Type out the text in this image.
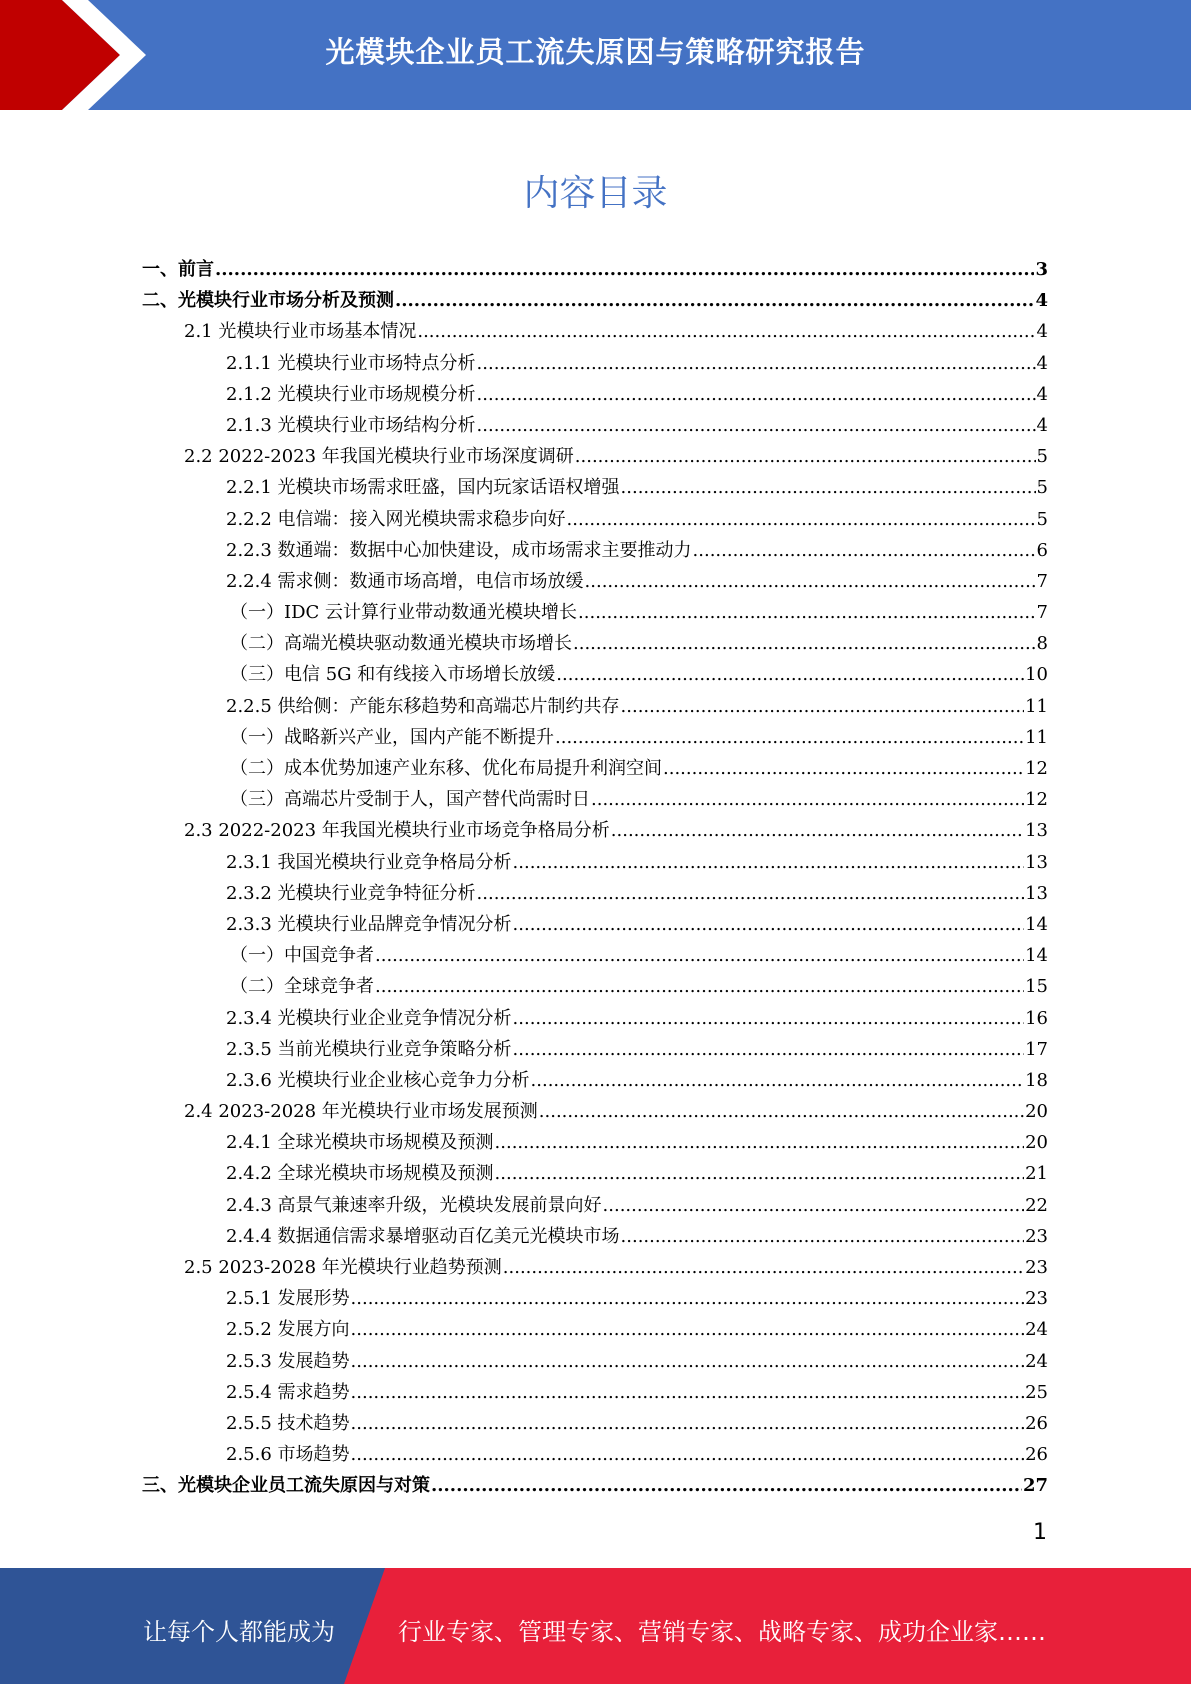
光模块企业员工流失原因与策略研究报告
内容目录
一、前言 .....	3
二、光模块行业市场分析及预测 .....	4
2.1 光模块行业市场基本情况 .....	4
2.1.1 光模块行业市场特点分析 .....	4
2.1.2 光模块行业市场规模分析 .....	4
2.1.3 光模块行业市场结构分析 .....	4
2.2 2022-2023 年我国光模块行业市场深度调研 .....	5
2.2.1 光模块市场需求旺盛，国内玩家话语权增强 .....	5
2.2.2 电信端：接入网光模块需求稳步向好 .....	5
2.2.3 数通端：数据中心加快建设，成市场需求主要推动力 .....	6
2.2.4 需求侧：数通市场高增，电信市场放缓 .....	7
（一）IDC 云计算行业带动数通光模块增长 .....	7
（二）高端光模块驱动数通光模块市场增长 .....	8
（三）电信 5G 和有线接入市场增长放缓 .....	10
2.2.5 供给侧：产能东移趋势和高端芯片制约共存 .....	11
（一）战略新兴产业，国内产能不断提升 .....	11
（二）成本优势加速产业东移、优化布局提升利润空间 .....	12
（三）高端芯片受制于人，国产替代尚需时日 .....	12
2.3 2022-2023 年我国光模块行业市场竞争格局分析 .....	13
2.3.1 我国光模块行业竞争格局分析 .....	13
2.3.2 光模块行业竞争特征分析 .....	13
2.3.3 光模块行业品牌竞争情况分析 .....	14
（一）中国竞争者 .....	14
（二）全球竞争者 .....	15
2.3.4 光模块行业企业竞争情况分析 .....	16
2.3.5 当前光模块行业竞争策略分析 .....	17
2.3.6 光模块行业企业核心竞争力分析 .....	18
2.4 2023-2028 年光模块行业市场发展预测 .....	20
2.4.1 全球光模块市场规模及预测 .....	20
2.4.2 全球光模块市场规模及预测 .....	21
2.4.3 高景气兼速率升级，光模块发展前景向好 .....	22
2.4.4 数据通信需求暴增驱动百亿美元光模块市场 .....	23
2.5 2023-2028 年光模块行业趋势预测 .....	23
2.5.1 发展形势 .....	23
2.5.2 发展方向 .....	24
2.5.3 发展趋势 .....	24
2.5.4 需求趋势 .....	25
2.5.5 技术趋势 .....	26
2.5.6 市场趋势 .....	26
三、光模块企业员工流失原因与对策 .....	27
1
让每个人都能成为	行业专家、管理专家、营销专家、战略专家、成功企业家……
